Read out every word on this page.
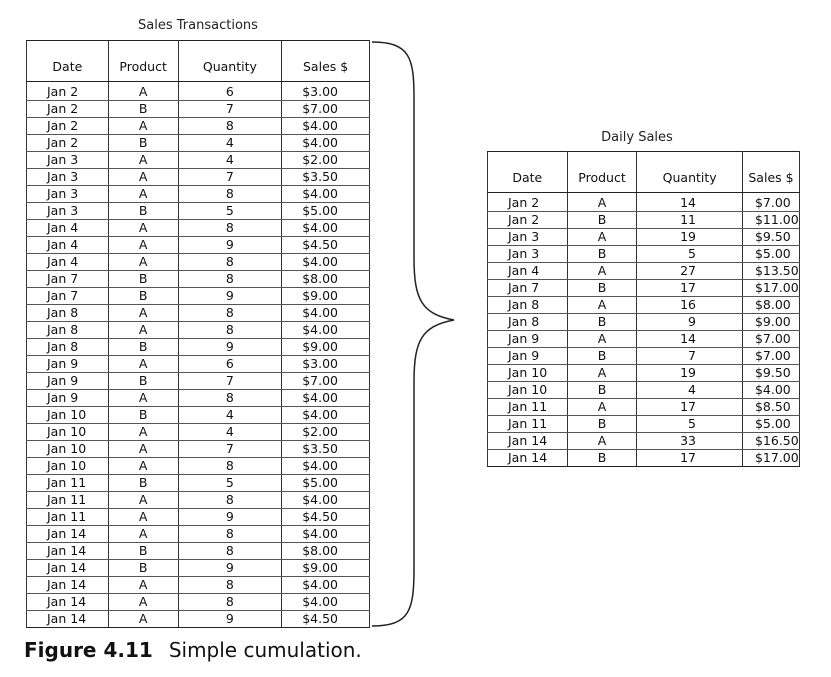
Sales Transactions
Date	Product	Quantity	Sales $
Jan 2	A	6	$3.00
Jan 2	B	7	$7.00
Jan 2	A	8	$4.00
Jan 2	B	4	$4.00
Jan 3	A	4	$2.00
Jan 3	A	7	$3.50
Jan 3	A	8	$4.00
Jan 3	B	5	$5.00
Jan 4	A	8	$4.00
Jan 4	A	9	$4.50
Jan 4	A	8	$4.00
Jan 7	B	8	$8.00
Jan 7	B	9	$9.00
Jan 8	A	8	$4.00
Jan 8	A	8	$4.00
Jan 8	B	9	$9.00
Jan 9	A	6	$3.00
Jan 9	B	7	$7.00
Jan 9	A	8	$4.00
Jan 10	B	4	$4.00
Jan 10	A	4	$2.00
Jan 10	A	7	$3.50
Jan 10	A	8	$4.00
Jan 11	B	5	$5.00
Jan 11	A	8	$4.00
Jan 11	A	9	$4.50
Jan 14	A	8	$4.00
Jan 14	B	8	$8.00
Jan 14	B	9	$9.00
Jan 14	A	8	$4.00
Jan 14	A	8	$4.00
Jan 14	A	9	$4.50
Daily Sales
Date	Product	Quantity	Sales $
Jan 2	A	14	$7.00
Jan 2	B	11	$11.00
Jan 3	A	19	$9.50
Jan 3	B	5	$5.00
Jan 4	A	27	$13.50
Jan 7	B	17	$17.00
Jan 8	A	16	$8.00
Jan 8	B	9	$9.00
Jan 9	A	14	$7.00
Jan 9	B	7	$7.00
Jan 10	A	19	$9.50
Jan 10	B	4	$4.00
Jan 11	A	17	$8.50
Jan 11	B	5	$5.00
Jan 14	A	33	$16.50
Jan 14	B	17	$17.00
Figure 4.11 Simple cumulation.
